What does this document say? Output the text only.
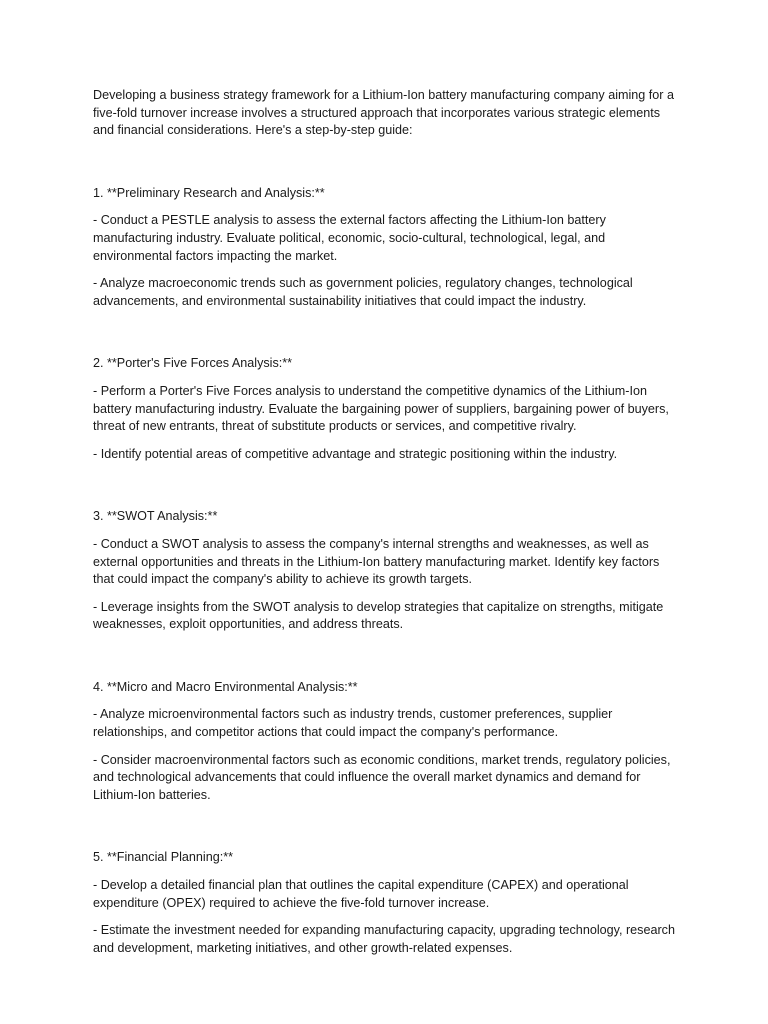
Developing a business strategy framework for a Lithium-Ion battery manufacturing company aiming for a five-fold turnover increase involves a structured approach that incorporates various strategic elements and financial considerations. Here's a step-by-step guide:

1. **Preliminary Research and Analysis:**

- Conduct a PESTLE analysis to assess the external factors affecting the Lithium-Ion battery manufacturing industry. Evaluate political, economic, socio-cultural, technological, legal, and environmental factors impacting the market.

- Analyze macroeconomic trends such as government policies, regulatory changes, technological advancements, and environmental sustainability initiatives that could impact the industry.

2. **Porter's Five Forces Analysis:**

- Perform a Porter's Five Forces analysis to understand the competitive dynamics of the Lithium-Ion battery manufacturing industry. Evaluate the bargaining power of suppliers, bargaining power of buyers, threat of new entrants, threat of substitute products or services, and competitive rivalry.

- Identify potential areas of competitive advantage and strategic positioning within the industry.

3. **SWOT Analysis:**

- Conduct a SWOT analysis to assess the company's internal strengths and weaknesses, as well as external opportunities and threats in the Lithium-Ion battery manufacturing market. Identify key factors that could impact the company's ability to achieve its growth targets.

- Leverage insights from the SWOT analysis to develop strategies that capitalize on strengths, mitigate weaknesses, exploit opportunities, and address threats.

4. **Micro and Macro Environmental Analysis:**

- Analyze microenvironmental factors such as industry trends, customer preferences, supplier relationships, and competitor actions that could impact the company's performance.

- Consider macroenvironmental factors such as economic conditions, market trends, regulatory policies, and technological advancements that could influence the overall market dynamics and demand for Lithium-Ion batteries.

5. **Financial Planning:**

- Develop a detailed financial plan that outlines the capital expenditure (CAPEX) and operational expenditure (OPEX) required to achieve the five-fold turnover increase.

- Estimate the investment needed for expanding manufacturing capacity, upgrading technology, research and development, marketing initiatives, and other growth-related expenses.
